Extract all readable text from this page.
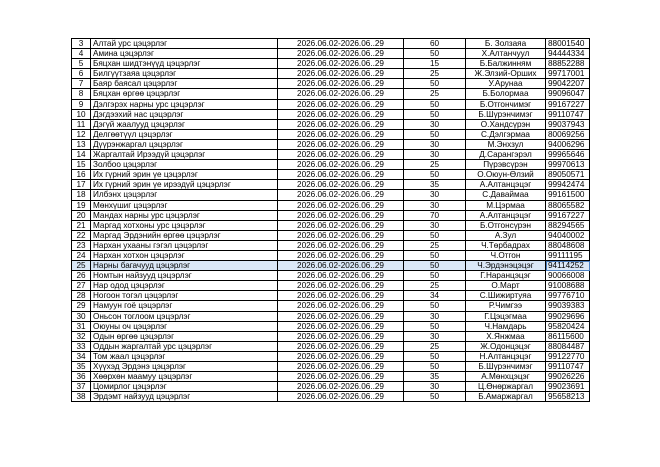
3	Алтай урс цэцэрлэг	2026.06.02-2026.06..29	60	Б. Золзаяа	88001540
4	Амина цэцэрлэг	2026.06.02-2026.06..29	50	Х.Алтанчуул	94444334
5	Бяцхан шидтэнүүд цэцэрлэг	2026.06.02-2026.06..29	15	Б.Балжинням	88852288
6	Билгүүтзаяа цэцэрлэг	2026.06.02-2026.06..29	25	Ж.Элзий-Орших	99717001
7	Баяр баясал цэцэрлэг	2026.06.02-2026.06..29	50	У.Арунаа	99042207
8	Бяцхан өргөө цэцэрлэг	2026.06.02-2026.06..29	25	Б.Болормаа	99096047
9	Дэлгэрэх нарны урс цэцэрлэг	2026.06.02-2026.06..29	50	Б.Отгончимэг	99167227
10	Дэгдээхий нас цэцэрлэг	2026.06.02-2026.06..29	50	Б.Шүрэнчимэг	99110747
11	Дэгүй жаалууд цэцэрлэг	2026.06.02-2026.06..29	30	О.Хандсүрэн	99037943
12	Делгөөтүүл цэцэрлэг	2026.06.02-2026.06..29	50	С.Дэлгэрмаа	80069256
13	Дүүрэнжаргал цэцэрлэг	2026.06.02-2026.06..29	30	М.Энхзул	94006296
14	Жаргалтай Ирээдүй цэцэрлэг	2026.06.02-2026.06..29	30	Д.Сарангэрэл	99965646
15	Золбоо цэцэрлэг	2026.06.02-2026.06..29	25	Пүрэвсүрэн	99970613
16	Их гүрний эрин үе цэцэрлэг	2026.06.02-2026.06..29	50	О.Оюун-Өлзий	89050571
17	Их гүрний эрин үе ирээдүй цэцэрлэг	2026.06.02-2026.06..29	35	А.Алтанцэцэг	99942474
18	Илбэнх цэцэрлэг	2026.06.02-2026.06..29	30	С.Даваймаа	99161500
19	Мөнхүшиг цэцэрлэг	2026.06.02-2026.06..29	30	М.Цэрмаа	88065582
20	Мандах нарны урс цэцэрлэг	2026.06.02-2026.06..29	70	А.Алтанцэцэг	99167227
21	Маргад хотхоны урс цэцэрлэг	2026.06.02-2026.06..29	30	Б.Отгонсүрэн	88294565
22	Маргад Эрдэнийн өргөө цэцэрлэг	2026.06.02-2026.06..29	50	А.Зул	94040002
23	Нархан ухааны гэгэл цэцэрлэг	2026.06.02-2026.06..29	25	Ч.Төрбадрах	88048608
24	Нархан хотхон цэцэрлэг	2026.06.02-2026.06..29	50	Ч.Отгон	99111195
25	Нарны багачууд цэцэрлэг	2026.06.02-2026.06..29	50	Ч.Эрдэнэцэцэг	94114252
26	Номтын найзууд цэцэрлэг	2026.06.02-2026.06..29	50	Г.Наранцэцэг	90066008
27	Нар одод цэцэрлэг	2026.06.02-2026.06..29	25	О.Март	91008688
28	Ногоон тогэл цэцэрлэг	2026.06.02-2026.06..29	34	С.Шижиртуяа	99776710
29	Намуун гоё цэцэрлэг	2026.06.02-2026.06..29	50	Р.Чимгээ	99039383
30	Оньсон тоглоом цэцэрлэг	2026.06.02-2026.06..29	30	Г.Цэцэгмаа	99029696
31	Оюуны оч цэцэрлэг	2026.06.02-2026.06..29	50	Ч.Намдарь	95820424
32	Одын өргөө цэцэрлэг	2026.06.02-2026.06..29	30	Х.Янжмаа	86115600
33	Оддын жаргалтай урс цэцэрлэг	2026.06.02-2026.06..29	25	Ж.Одонцэцэг	88084487
34	Том жаал цэцэрлэг	2026.06.02-2026.06..29	50	Н.Алтанцэцэг	99122770
35	Хүүхэд Эрдэнэ цэцэрлэг	2026.06.02-2026.06..29	50	Б.Шүрэнчимэг	99110747
36	Хөөрхөн маамуу цэцэрлэг	2026.06.02-2026.06..29	35	А.Мөнхцэцэг	99026226
37	Цомирлог цэцэрлэг	2026.06.02-2026.06..29	30	Ц.Өнөржаргал	99023691
38	Эрдэмт найзууд цэцэрлэг	2026.06.02-2026.06..29	50	Б.Амаржаргал	95658213
